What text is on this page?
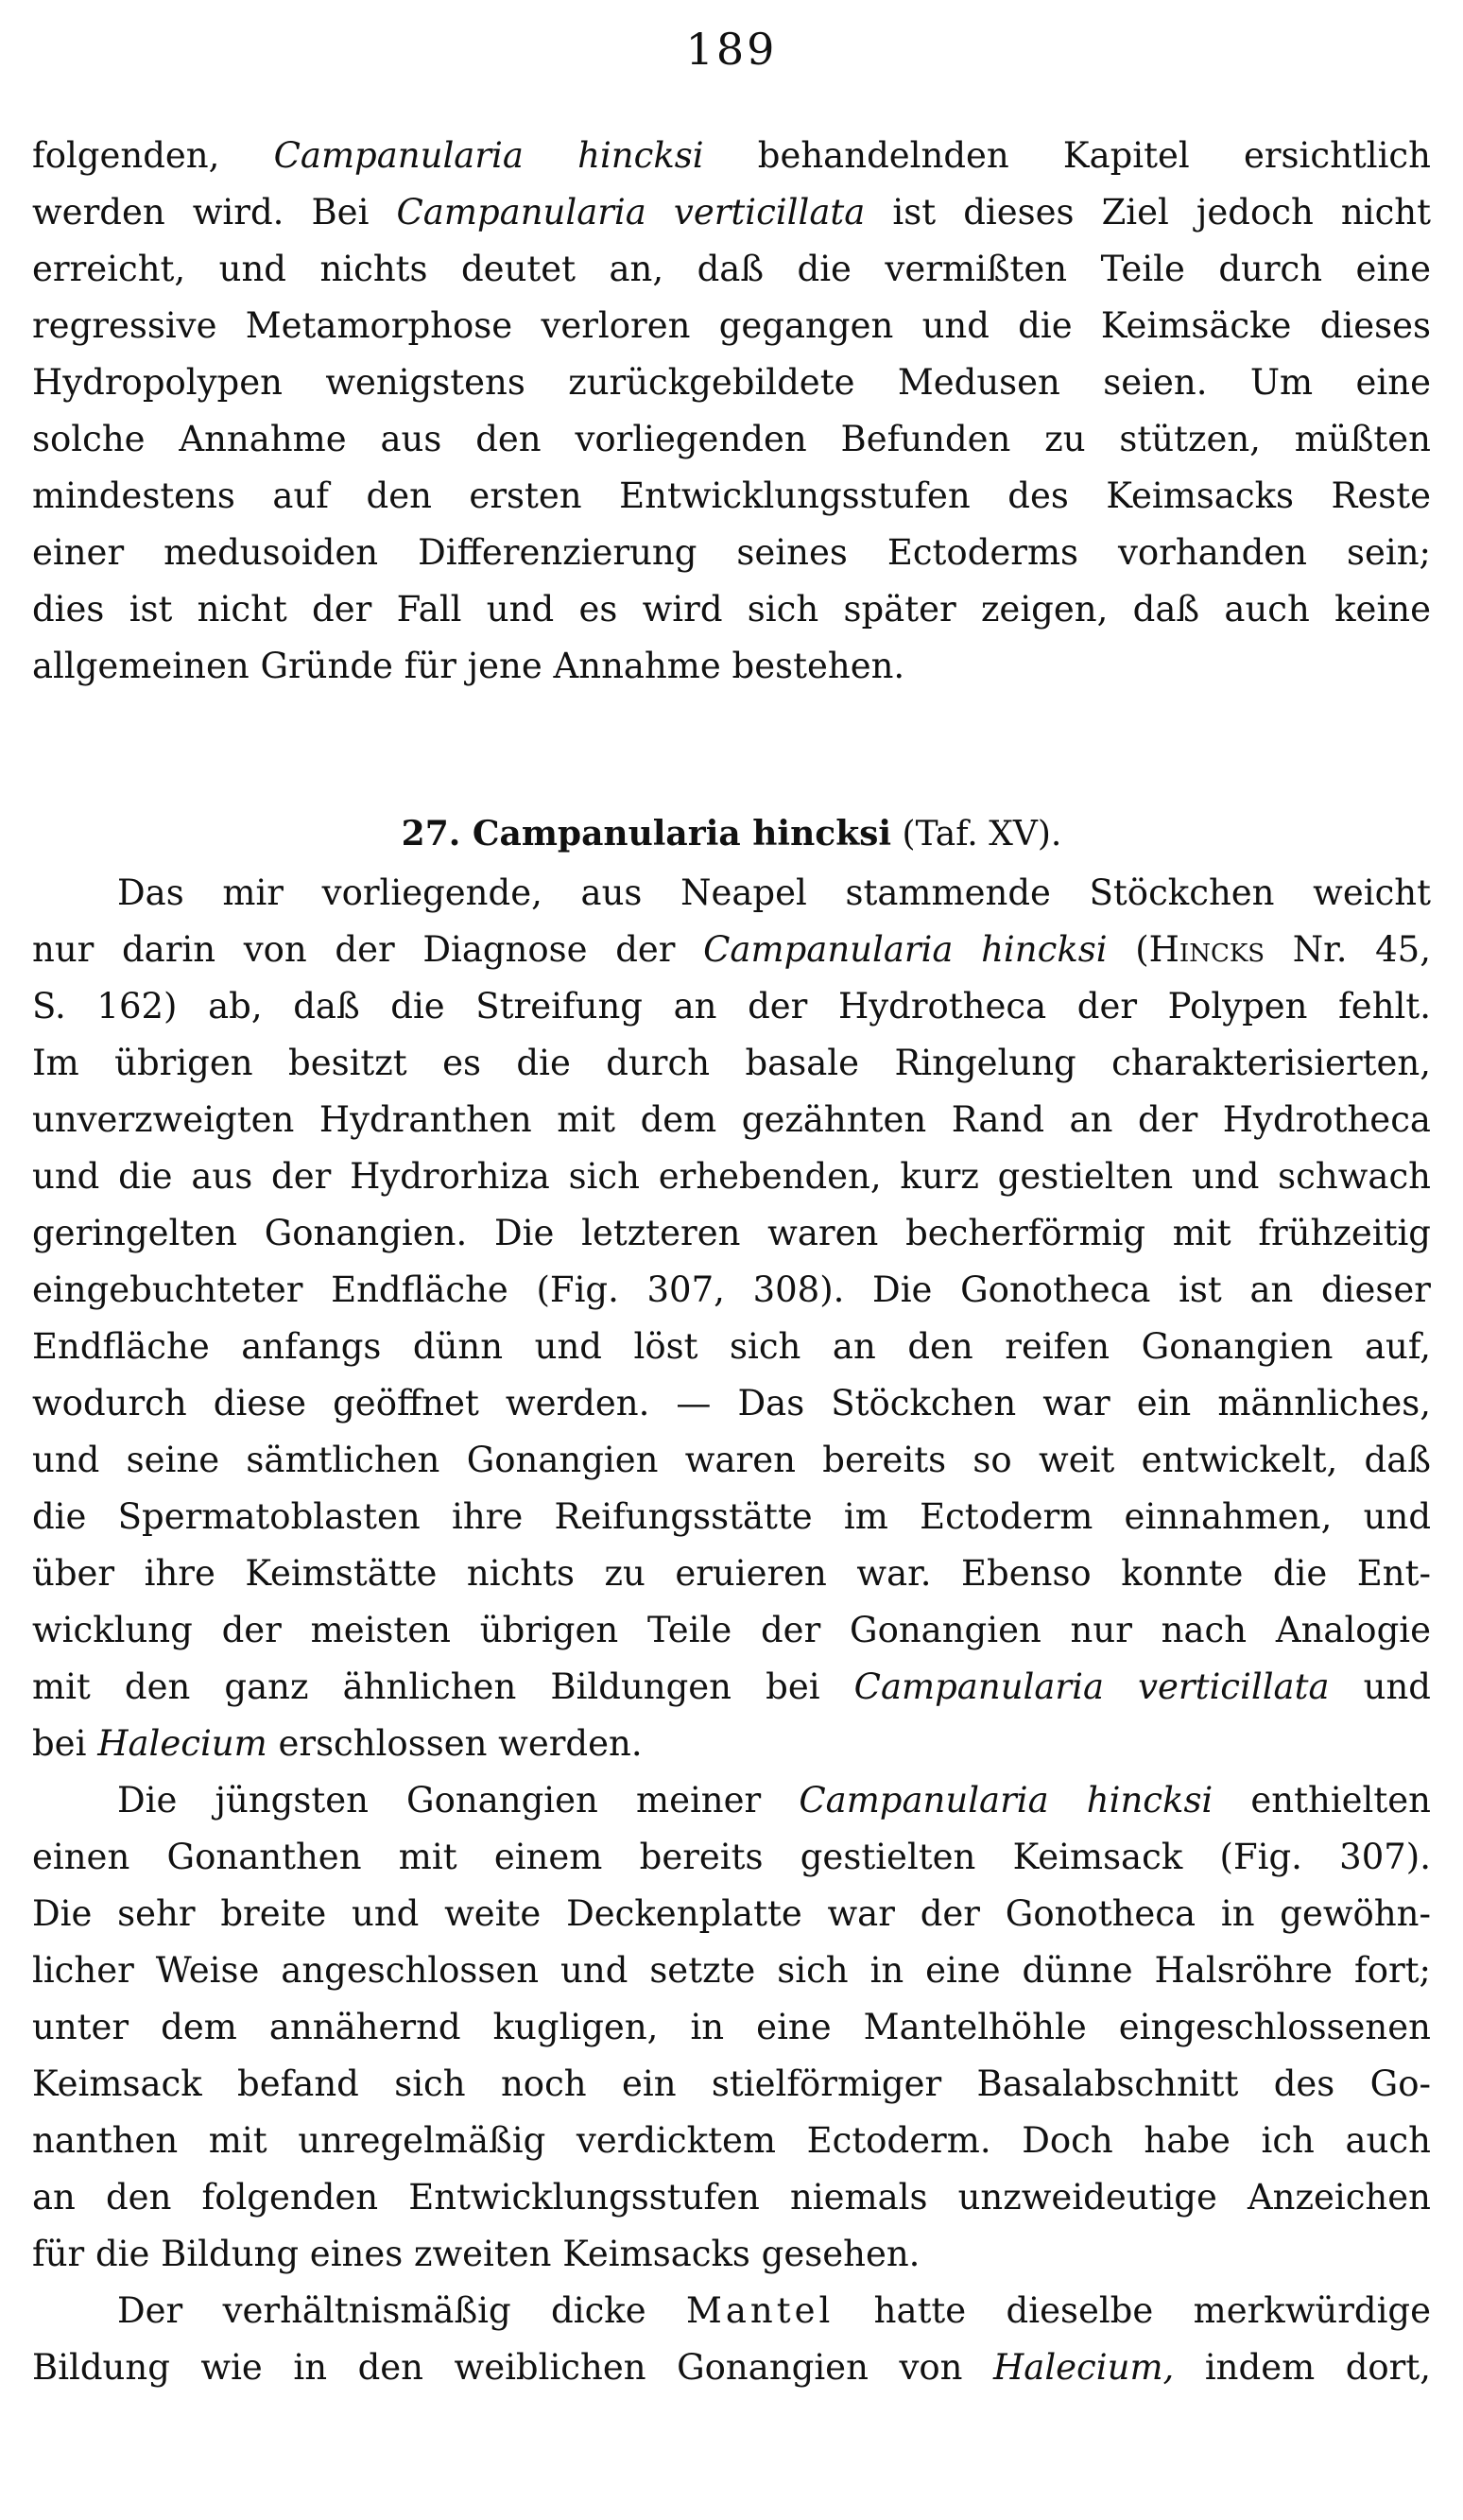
189

folgenden, Campanularia hincksi behandelnden Kapitel ersichtlich
werden wird. Bei Campanularia verticillata ist dieses Ziel jedoch nicht
erreicht, und nichts deutet an, daß die vermißten Teile durch eine
regressive Metamorphose verloren gegangen und die Keimsäcke dieses
Hydropolypen wenigstens zurückgebildete Medusen seien. Um eine
solche Annahme aus den vorliegenden Befunden zu stützen, müßten
mindestens auf den ersten Entwicklungsstufen des Keimsacks Reste
einer medusoiden Differenzierung seines Ectoderms vorhanden sein;
dies ist nicht der Fall und es wird sich später zeigen, daß auch keine
allgemeinen Gründe für jene Annahme bestehen.

27. Campanularia hincksi (Taf. XV).

Das mir vorliegende, aus Neapel stammende Stöckchen weicht
nur darin von der Diagnose der Campanularia hincksi (Hincks Nr. 45,
S. 162) ab, daß die Streifung an der Hydrotheca der Polypen fehlt.
Im übrigen besitzt es die durch basale Ringelung charakterisierten,
unverzweigten Hydranthen mit dem gezähnten Rand an der Hydrotheca
und die aus der Hydrorhiza sich erhebenden, kurz gestielten und schwach
geringelten Gonangien. Die letzteren waren becherförmig mit frühzeitig
eingebuchteter Endfläche (Fig. 307, 308). Die Gonotheca ist an dieser
Endfläche anfangs dünn und löst sich an den reifen Gonangien auf,
wodurch diese geöffnet werden. — Das Stöckchen war ein männliches,
und seine sämtlichen Gonangien waren bereits so weit entwickelt, daß
die Spermatoblasten ihre Reifungsstätte im Ectoderm einnahmen, und
über ihre Keimstätte nichts zu eruieren war. Ebenso konnte die Ent-
wicklung der meisten übrigen Teile der Gonangien nur nach Analogie
mit den ganz ähnlichen Bildungen bei Campanularia verticillata und
bei Halecium erschlossen werden.

Die jüngsten Gonangien meiner Campanularia hincksi enthielten
einen Gonanthen mit einem bereits gestielten Keimsack (Fig. 307).
Die sehr breite und weite Deckenplatte war der Gonotheca in gewöhn-
licher Weise angeschlossen und setzte sich in eine dünne Halsröhre fort;
unter dem annähernd kugligen, in eine Mantelhöhle eingeschlossenen
Keimsack befand sich noch ein stielförmiger Basalabschnitt des Go-
nanthen mit unregelmäßig verdicktem Ectoderm. Doch habe ich auch
an den folgenden Entwicklungsstufen niemals unzweideutige Anzeichen
für die Bildung eines zweiten Keimsacks gesehen.

Der verhältnismäßig dicke Mantel hatte dieselbe merkwürdige
Bildung wie in den weiblichen Gonangien von Halecium, indem dort,
